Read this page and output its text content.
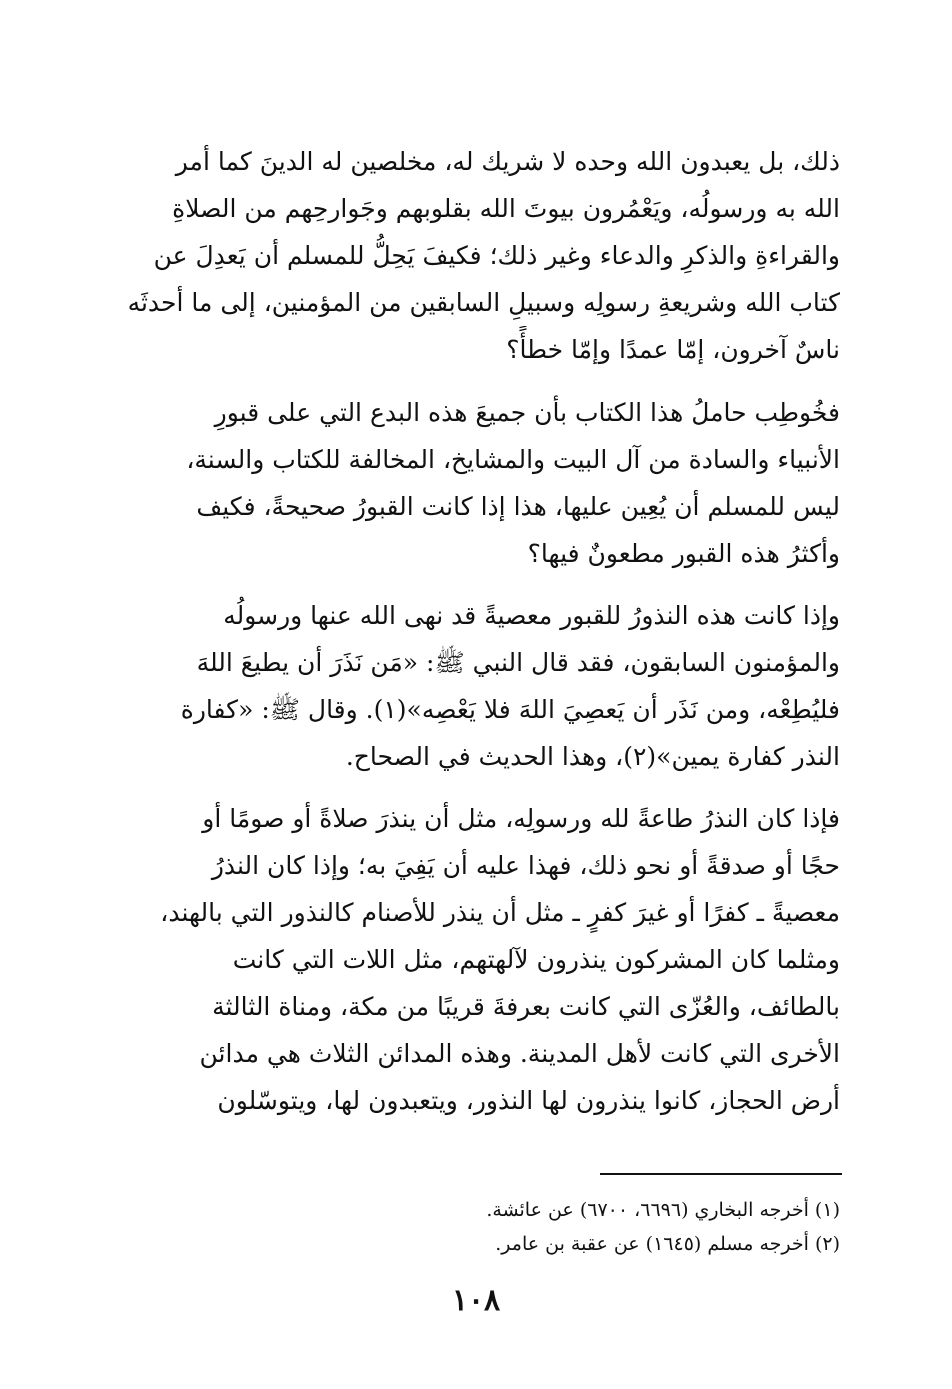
ذلك، بل يعبدون الله وحده لا شريك له، مخلصين له الدينَ كما أمر
الله به ورسولُه، ويَعْمُرون بيوتَ الله بقلوبهم وجَوارحِهم من الصلاةِ
والقراءةِ والذكرِ والدعاء وغير ذلك؛ فكيفَ يَحِلُّ للمسلم أن يَعدِلَ عن
كتاب الله وشريعةِ رسولِه وسبيلِ السابقين من المؤمنين، إلى ما أحدثَه
ناسٌ آخرون، إمّا عمدًا وإمّا خطأً؟
فخُوطِب حاملُ هذا الكتاب بأن جميعَ هذه البدع التي على قبورِ
الأنبياء والسادة من آل البيت والمشايخ، المخالفة للكتاب والسنة،
ليس للمسلم أن يُعِين عليها، هذا إذا كانت القبورُ صحيحةً، فكيف
وأكثرُ هذه القبور مطعونٌ فيها؟
وإذا كانت هذه النذورُ للقبور معصيةً قد نهى الله عنها ورسولُه
والمؤمنون السابقون، فقد قال النبي ﷺ: «مَن نَذَرَ أن يطيعَ اللهَ
فليُطِعْه، ومن نَذَر أن يَعصِيَ اللهَ فلا يَعْصِه»(١). وقال ﷺ: «كفارة
النذر كفارة يمين»(٢)، وهذا الحديث في الصحاح.
فإذا كان النذرُ طاعةً لله ورسولِه، مثل أن ينذرَ صلاةً أو صومًا أو
حجًا أو صدقةً أو نحو ذلك، فهذا عليه أن يَفِيَ به؛ وإذا كان النذرُ
معصيةً ـ كفرًا أو غيرَ كفرٍ ـ مثل أن ينذر للأصنام كالنذور التي بالهند،
ومثلما كان المشركون ينذرون لآلهتهم، مثل اللات التي كانت
بالطائف، والعُزّى التي كانت بعرفةَ قريبًا من مكة، ومناة الثالثة
الأخرى التي كانت لأهل المدينة. وهذه المدائن الثلاث هي مدائن
أرض الحجاز، كانوا ينذرون لها النذور، ويتعبدون لها، ويتوسّلون
(١) أخرجه البخاري (٦٦٩٦، ٦٧٠٠) عن عائشة.
(٢) أخرجه مسلم (١٦٤٥) عن عقبة بن عامر.
١٠٨
